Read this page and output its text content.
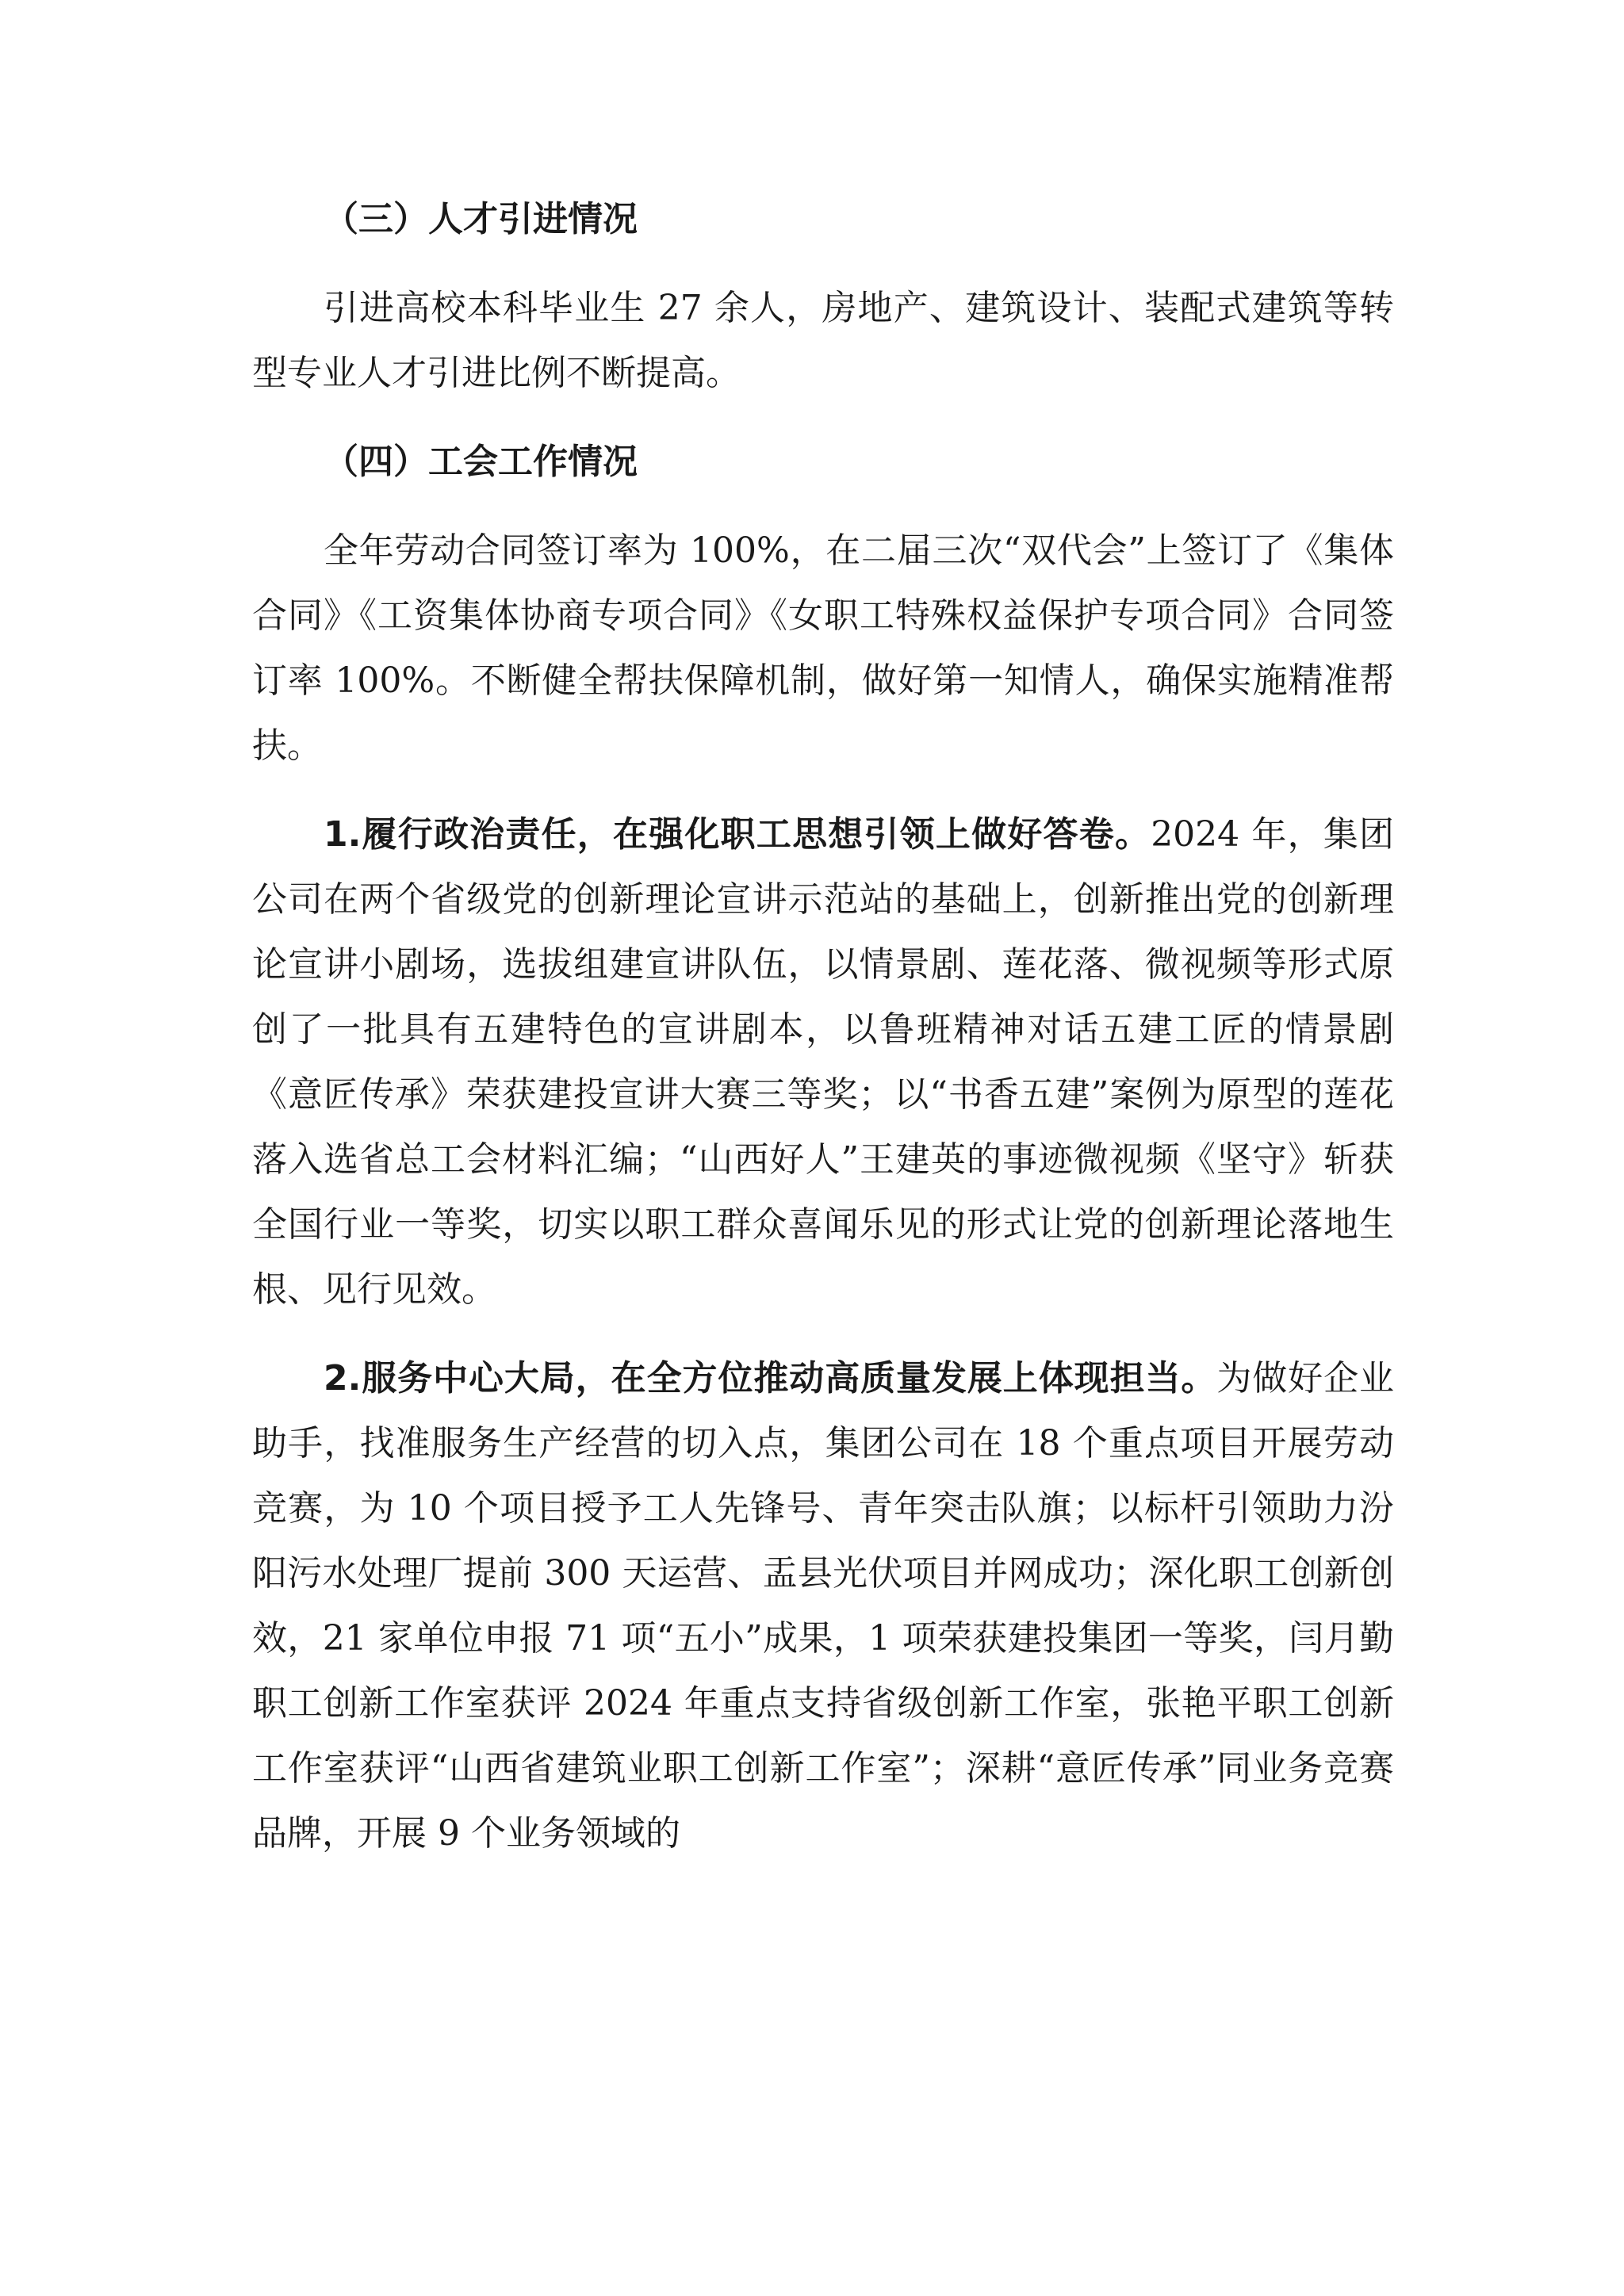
（三）人才引进情况

引进高校本科毕业生 27 余人，房地产、建筑设计、装配式建筑等转型专业人才引进比例不断提高。

（四）工会工作情况

全年劳动合同签订率为 100%，在二届三次“双代会”上签订了《集体合同》《工资集体协商专项合同》《女职工特殊权益保护专项合同》合同签订率 100%。不断健全帮扶保障机制，做好第一知情人，确保实施精准帮扶。

1.履行政治责任，在强化职工思想引领上做好答卷。2024 年，集团公司在两个省级党的创新理论宣讲示范站的基础上，创新推出党的创新理论宣讲小剧场，选拔组建宣讲队伍，以情景剧、莲花落、微视频等形式原创了一批具有五建特色的宣讲剧本，以鲁班精神对话五建工匠的情景剧《意匠传承》荣获建投宣讲大赛三等奖；以“书香五建”案例为原型的莲花落入选省总工会材料汇编；“山西好人”王建英的事迹微视频《坚守》斩获全国行业一等奖，切实以职工群众喜闻乐见的形式让党的创新理论落地生根、见行见效。

2.服务中心大局，在全方位推动高质量发展上体现担当。为做好企业助手，找准服务生产经营的切入点，集团公司在 18 个重点项目开展劳动竞赛，为 10 个项目授予工人先锋号、青年突击队旗；以标杆引领助力汾阳污水处理厂提前 300 天运营、盂县光伏项目并网成功；深化职工创新创效，21 家单位申报 71 项“五小”成果，1 项荣获建投集团一等奖，闫月勤职工创新工作室获评 2024 年重点支持省级创新工作室，张艳平职工创新工作室获评“山西省建筑业职工创新工作室”；深耕“意匠传承”同业务竞赛品牌，开展 9 个业务领域的
